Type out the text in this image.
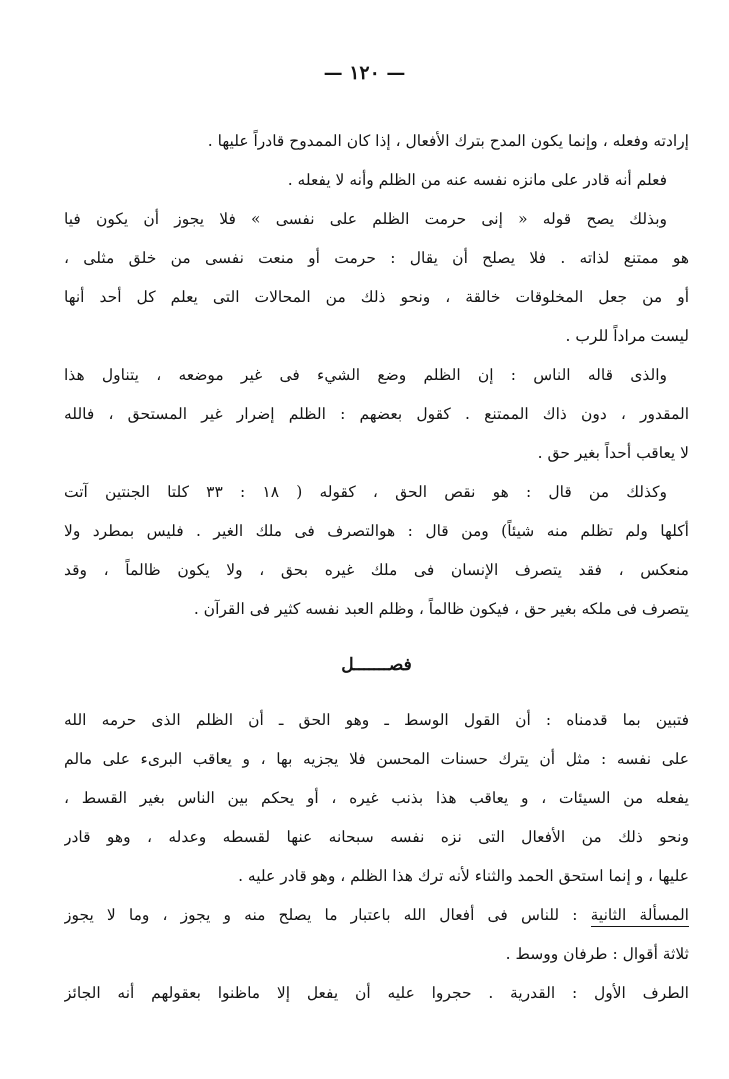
— ١٢٠ —
إرادته وفعله ، وإنما يكون المدح بترك الأفعال ، إذا كان الممدوح قادراً عليها .
فعلم أنه قادر على مانزه نفسه عنه من الظلم وأنه لا يفعله .
وبذلك يصح قوله « إنى حرمت الظلم على نفسى » فلا يجوز أن يكون فيا
هو ممتنع لذاته . فلا يصلح أن يقال : حرمت أو منعت نفسى من خلق مثلى ،
أو من جعل المخلوقات خالقة ، ونحو ذلك من المحالات التى يعلم كل أحد أنها
ليست مراداً للرب .
والذى قاله الناس : إن الظلم وضع الشيء فى غير موضعه ، يتناول هذا
المقدور ، دون ذاك الممتنع . كقول بعضهم : الظلم إضرار غير المستحق ، فالله
لا يعاقب أحداً بغير حق .
وكذلك من قال : هو نقص الحق ، كقوله ( ١٨ : ٣٣ كلتا الجنتين آتت
أكلها ولم تظلم منه شيئاً) ومن قال : هوالتصرف فى ملك الغير . فليس بمطرد ولا
منعكس ، فقد يتصرف الإنسان فى ملك غيره بحق ، ولا يكون ظالماً ، وقد
يتصرف فى ملكه بغير حق ، فيكون ظالماً ، وظلم العبد نفسه كثير فى القرآن .
فصـــــــل
فتبين بما قدمناه : أن القول الوسط ـ وهو الحق ـ أن الظلم الذى حرمه الله
على نفسه : مثل أن يترك حسنات المحسن فلا يجزيه بها ، و يعاقب البرىء على مالم
يفعله من السيئات ، و يعاقب هذا بذنب غيره ، أو يحكم بين الناس بغير القسط ،
ونحو ذلك من الأفعال التى نزه نفسه سبحانه عنها لقسطه وعدله ، وهو قادر
عليها ، و إنما استحق الحمد والثناء لأنه ترك هذا الظلم ، وهو قادر عليه .
المسألة الثانية : للناس فى أفعال الله باعتبار ما يصلح منه و يجوز ، وما لا يجوز
ثلاثة أقوال : طرفان ووسط .
الطرف الأول : القدرية . حجروا عليه أن يفعل إلا ماظنوا بعقولهم أنه الجائز
